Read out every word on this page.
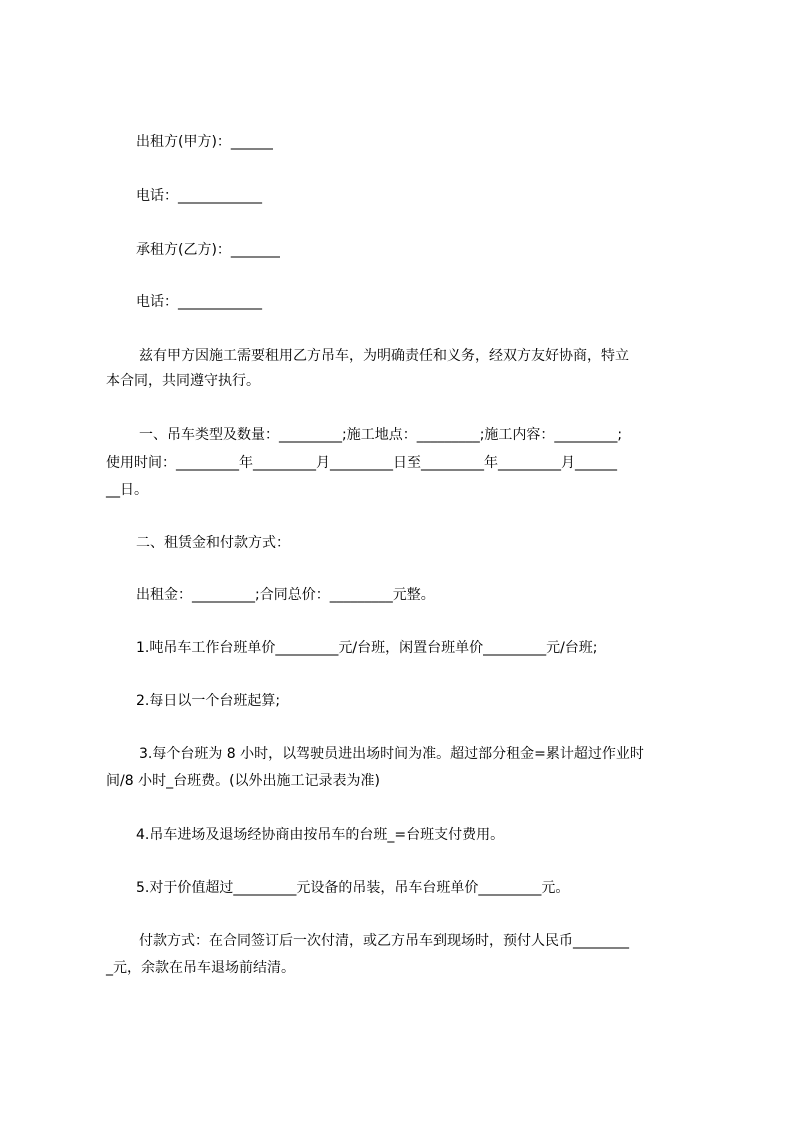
出租方(甲方)：______

电话：____________

承租方(乙方)：_______

电话：____________

兹有甲方因施工需要租用乙方吊车，为明确责任和义务，经双方友好协商，特立

本合同，共同遵守执行。

一、吊车类型及数量：_________;施工地点：_________;施工内容：_________;

使用时间：_________年_________月_________日至_________年_________月______

__日。

二、租赁金和付款方式：

出租金：_________;合同总价：_________元整。

1.吨吊车工作台班单价_________元/台班，闲置台班单价_________元/台班;

2.每日以一个台班起算;

3.每个台班为 8 小时，以驾驶员进出场时间为准。超过部分租金=累计超过作业时

间/8 小时_台班费。(以外出施工记录表为准)

4.吊车进场及退场经协商由按吊车的台班_=台班支付费用。

5.对于价值超过_________元设备的吊装，吊车台班单价_________元。

付款方式：在合同签订后一次付清，或乙方吊车到现场时，预付人民币________

_元，余款在吊车退场前结清。
